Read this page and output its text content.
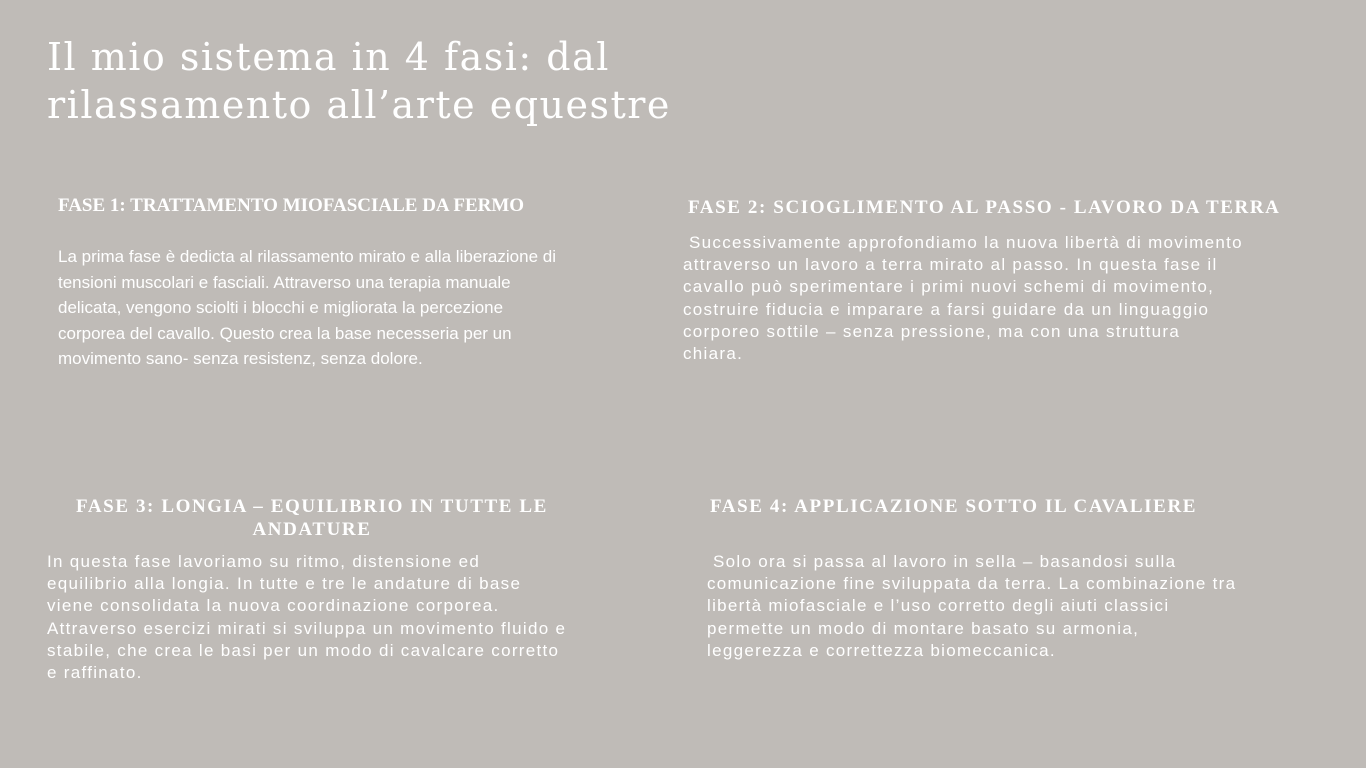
Il mio sistema in 4 fasi: dal rilassamento all’arte equestre
FASE 1: TRATTAMENTO MIOFASCIALE DA FERMO

La prima fase è dedicta al rilassamento mirato e alla liberazione di tensioni muscolari e fasciali. Attraverso una terapia manuale delicata, vengono sciolti i blocchi e migliorata la percezione corporea del cavallo. Questo crea la base necesseria per un movimento sano- senza resistenz, senza dolore.

FASE 2: SCIOGLIMENTO AL PASSO - LAVORO DA TERRA

Successivamente approfondiamo la nuova libertà di movimento attraverso un lavoro a terra mirato al passo. In questa fase il cavallo può sperimentare i primi nuovi schemi di movimento, costruire fiducia e imparare a farsi guidare da un linguaggio corporeo sottile – senza pressione, ma con una struttura chiara.

FASE 3: LONGIA – EQUILIBRIO IN TUTTE LE ANDATURE

In questa fase lavoriamo su ritmo, distensione ed equilibrio alla longia. In tutte e tre le andature di base viene consolidata la nuova coordinazione corporea. Attraverso esercizi mirati si sviluppa un movimento fluido e stabile, che crea le basi per un modo di cavalcare corretto e raffinato.

FASE 4: APPLICAZIONE SOTTO IL CAVALIERE

Solo ora si passa al lavoro in sella – basandosi sulla comunicazione fine sviluppata da terra. La combinazione tra libertà miofasciale e l’uso corretto degli aiuti classici permette un modo di montare basato su armonia, leggerezza e correttezza biomeccanica.
